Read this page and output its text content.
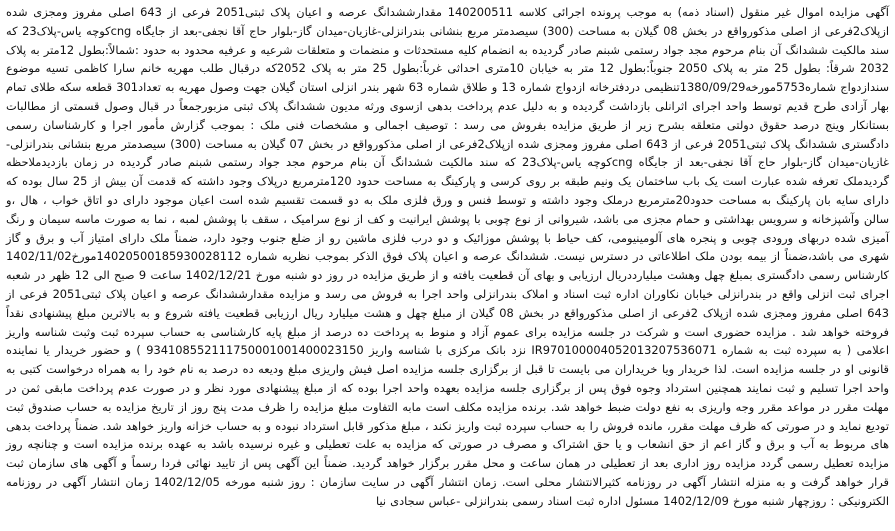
آگهی مزایده اموال غیر منقول (اسناد ذمه) به موجب پرونده اجرائی کلاسه 140200511 مقدارششدانگ عرصه و اعیان پلاک ثبتی2051 فرعی از 643 اصلی مفروز ومجزی شده ازپلاک2فرعی از اصلی مذکورواقع در بخش 08 گیلان به مساحت (300) سیصدمتر مربع بنشانی بندرانزلی-غازیان-میدان گاز-بلوار حاج آقا نجفی-بعد از جایگاه cngکوچه یاس-پلاک23 که سند مالکیت ششدانگ آن بنام مرحوم مجد جواد رستمی شبنم صادر گردیده به انضمام کلیه مستحدثات و منضمات و متعلقات شرعیه و عرفیه محدود به حدود :شمالاً:بطول 12متر به پلاک 2032 شرقاً: بطول 25 متر به پلاک 2050 جنوباً:بطول 12 متر به خیابان 10متری احداثی غرباً:بطول 25 متر به پلاک 2052که درقبال طلب مهریه خانم سارا کاظمی تسیه موضوع سندازدواج شماره5753مورخه1380/09/29تنظیمی دردفترخانه ازدواج شماره 13 و طلاق شماره 63 شهر بندر انزلی استان گیلان جهت وصول مهریه به تعداد301 قطعه سکه طلای تمام بهار آزادی طرح قدیم توسط واحد اجرای اثرانلی بازداشت گردیده و به دلیل عدم پرداخت بدهی ازسوی ورثه مدیون ششدانگ پلاک ثبتی مزبورجمعاً در قبال وصول قسمتی از مطالبات بستانکار وینج درصد حقوق دولتی متعلقه بشرح زیر از طریق مزایده بفروش می رسد : توصیف اجمالی و مشخصات فنی ملک : بموجب گزارش مأمور اجرا و کارشناسان رسمی دادگستری ششدانگ پلاک ثبتی2051 فرعی از 643 اصلی مفروز ومجزی شده ازپلاک2فرعی از اصلی مذکورواقع در بخش 07 گیلان به مساحت (300) سیصدمتر مربع بنشانی بندرانزلی-غازیان-میدان گاز-بلوار حاج آقا نجفی-بعد از جایگاه cngکوچه یاس-پلاک23 که سند مالکیت ششدانگ آن بنام مرحوم مجد جواد رستمی شبنم صادر گردیده در زمان بازدیدملاحظه گردیدملک تعرفه شده عبارت است یک باب ساختمان یک ونیم طبقه بر روی کرسی و پارکینگ به مساحت حدود 120مترمربع درپلاک وجود داشته که قدمت آن بیش از 25 سال بوده که دارای سایه بان پارکینگ به مساحت حدود20مترمربع درملک وجود داشته و توسط فنس و ورق فلزی ملک به دو قسمت تقسیم شده است اعیان موجود دارای دو اتاق خواب ، هال ،و سالن وآشپزخانه و سرویس بهداشتی و حمام مجزی می باشد، شیروانی از نوع چوبی با پوشش ایرانیت و کف از نوع سرامیک ، سقف با پوشش لمبه ، نما به صورت ماسه سیمان و رنگ آمیزی شده دربهای ورودی چوبی و پنجره های آلومینیومی، کف حیاط با پوشش موزائیک و دو درب فلزی ماشین رو از ضلع جنوب وجود دارد، ضمناً ملک دارای امتیاز آب و برق و گاز شهری می باشد،ضمناً از بیمه بودن ملک اطلاعاتی در دسترس نیست. ششدانگ عرصه و اعیان پلاک فوق الذکر بموجب نظریه شماره 14020500185930028112مورخ1402/11/02 کارشناس رسمی دادگستری بمبلغ چهل وهشت میلیارددریال ارزیابی و بهای آن قطعیت یافته و از طریق مزایده در روز دو شنبه مورخ 1402/12/21 ساعت 9 صبح الی 12 ظهر در شعبه اجرای ثبت انزلی واقع در بندرانزلی خیابان نکاوران اداره ثبت اسناد و املاک بندرانزلی واحد اجرا به فروش می رسد و مزایده مقدارششدانگ عرصه و اعیان پلاک ثبتی2051 فرعی از 643 اصلی مفروز ومجزی شده ازپلاک 2فرعی از اصلی مذکورواقع در بخش 08 گیلان از مبلغ چهل و هشت میلیارد ریال ارزیابی قطعیت یافته شروع و به بالاترین مبلغ پیشنهادی نقداً فروخته خواهد شد . مزایده حضوری است و شرکت در جلسه مزایده برای عموم آزاد و منوط به پرداخت ده درصد از مبلغ پایه کارشناسی به حساب سپرده ثبت وثبت شناسه واریز اعلامی ( به سپرده ثبت به شماره IR970100004052013207536071 نزد بانک مرکزی با شناسه واریز 934108552111750001001400023150 ) و حضور خریدار یا نماینده قانونی او در جلسه مزایده است. لذا خریدار ویا خریداران می بایست تا قبل از برگزاری جلسه مزایده اصل فیش واریزی مبلغ ودیعه ده درصد به نام خود را به همراه درخواست کتبی به واحد اجرا تسلیم و ثبت نمایند همچنین استرداد وجوه فوق پس از برگزاری جلسه مزایده بعهده واحد اجرا بوده که از مبلغ پیشنهادی مورد نظر و در صورت عدم پرداخت مابقی ثمن در مهلت مقرر در مواعد مقرر وجه واریزی به نفع دولت ضبط خواهد شد. برنده مزایده مکلف است مابه التفاوت مبلغ مزایده را ظرف مدت پنج روز از تاریخ مزایده به حساب صندوق ثبت تودیع نماید و در صورتی که ظرف مهلت مقرر، مانده فروش را به حساب سپرده ثبت واریز نکند ، مبلغ مذکور قابل استرداد نبوده و به حساب خزانه واریز خواهد شد. ضمناً پرداخت بدهی های مربوط به آب و برق و گاز اعم از حق انشعاب و یا حق اشتراک و مصرف در صورتی که مزایده به علت تعطیلی و غیره نرسیده باشد به عهده برنده مزایده است و چنانچه روز مزایده تعطیل رسمی گردد مزایده روز اداری بعد از تعطیلی در همان ساعت و محل مقرر برگزار خواهد گردید. ضمناً این آگهی پس از تایید نهائی فردا رسماً و آگهی های سازمان ثبت قرار خواهد گرفت و به منزله انتشار آگهی در روزنامه کثیرالانتشار محلی است. زمان انتشار آگهی در سایت سازمان : روز شنبه مورخه 1402/12/05 زمان انتشار آگهی در روزنامه الکترونیکی : روزچهار شنبه مورخ 1402/12/09 مسئول اداره ثبت اسناد رسمی بندرانزلی -عباس سجادی نیا
